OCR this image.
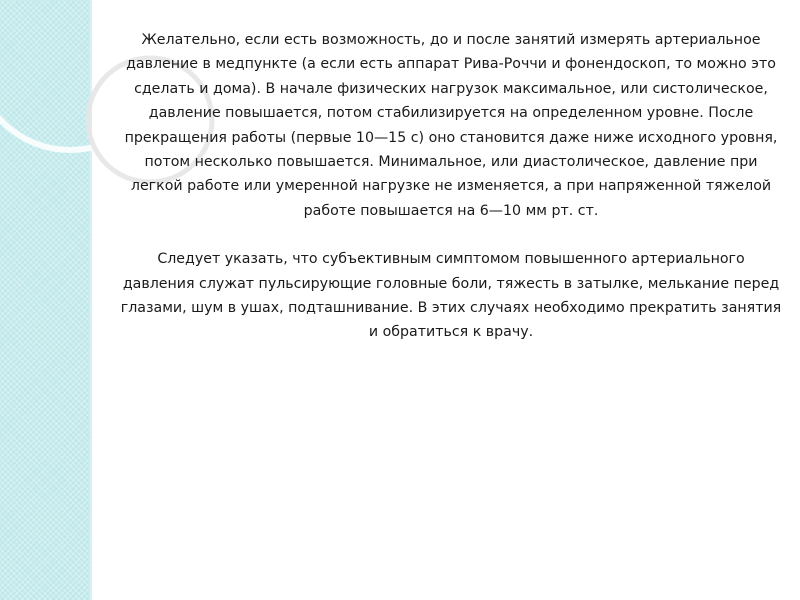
Желательно, если есть возможность, до и после занятий измерять артериальное давление в медпункте (а если есть аппарат Рива-Роччи и фонендоскоп, то можно это сделать и дома). В начале физических нагрузок максимальное, или систолическое, давление повышается, потом стабилизируется на определенном уровне. После прекращения работы (первые 10—15 с) оно становится даже ниже исходного уровня, потом несколько повышается. Минимальное, или диастолическое, давление при легкой работе или умеренной нагрузке не изменяется, а при напряженной тяжелой работе повышается на 6—10 мм рт. ст.

Следует указать, что субъективным симптомом повышенного артериального давления служат пульсирующие головные боли, тяжесть в затылке, мелькание перед глазами, шум в ушах, подташнивание. В этих случаях необходимо прекратить занятия и обратиться к врачу.
